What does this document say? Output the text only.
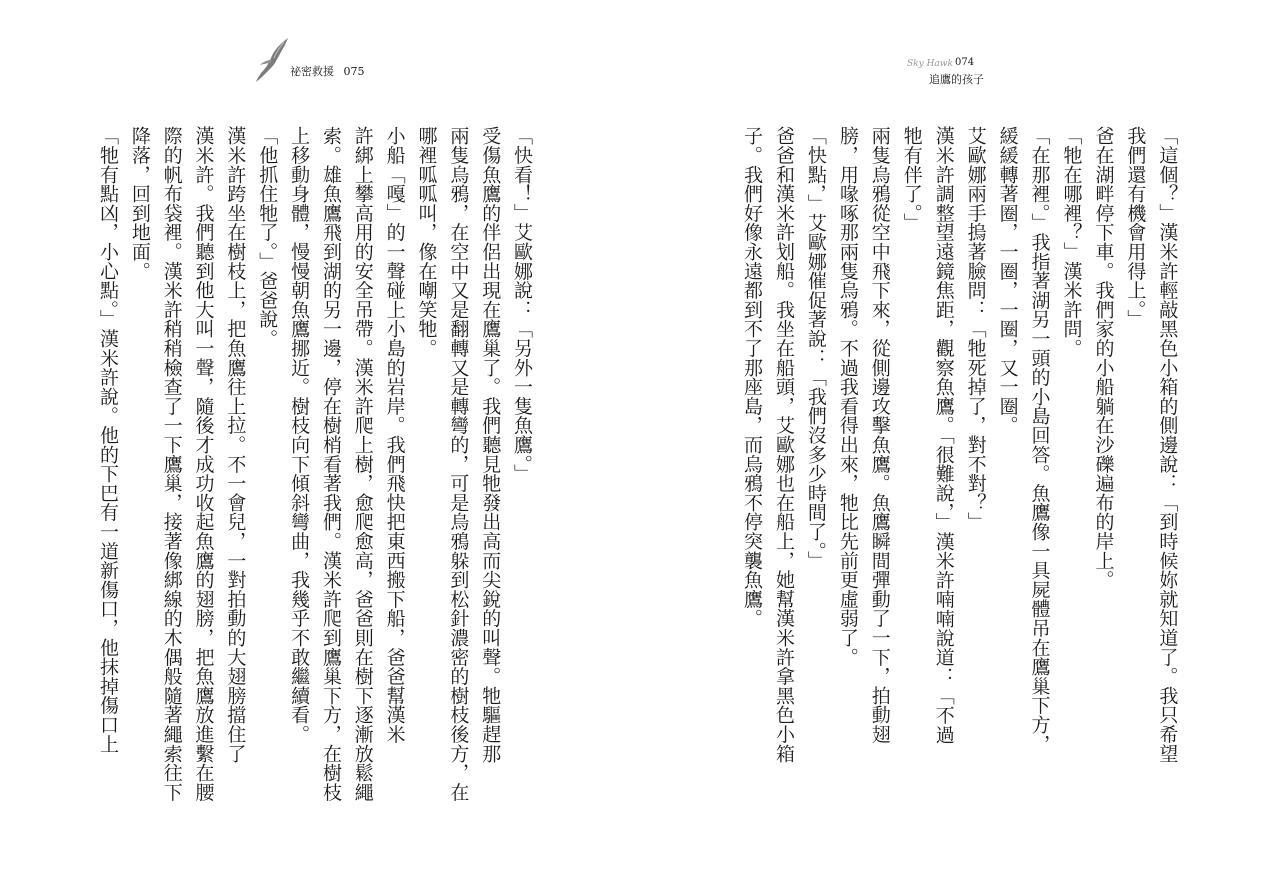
祕密救援 075
「牠有點凶，小心點。」漢米許說。他的下巴有一道新傷口，他抹掉傷口上 降落，回到地面。 際的帆布袋裡。漢米許稍稍檢查了一下鷹巢，接著像綁線的木偶般隨著繩索往下 漢米許。我們聽到他大叫一聲，隨後才成功收起魚鷹的翅膀，把魚鷹放進繫在腰 漢米許跨坐在樹枝上，把魚鷹往上拉。不一會兒，一對拍動的大翅膀擋住了 「他抓住牠了。」爸爸說。 上移動身體，慢慢朝魚鷹挪近。樹枝向下傾斜彎曲，我幾乎不敢繼續看。 索。雄魚鷹飛到湖的另一邊，停在樹梢看著我們。漢米許爬到鷹巢下方，在樹枝 許綁上攀高用的安全吊帶。漢米許爬上樹，愈爬愈高，爸爸則在樹下逐漸放鬆繩 小船「嘎」的一聲碰上小島的岩岸。我們飛快把東西搬下船，爸爸幫漢米 哪裡呱呱叫，像在嘲笑牠。 兩隻烏鴉，在空中又是翻轉又是轉彎的，可是烏鴉躲到松針濃密的樹枝後方，在 受傷魚鷹的伴侶出現在鷹巢了。我們聽見牠發出高而尖銳的叫聲。牠驅趕那 「快看！」艾歐娜說：「另外一隻魚鷹。」
Sky Hawk 074
追鷹的孩子
子。我們好像永遠都到不了那座島，而烏鴉不停突襲魚鷹。 爸爸和漢米許划船。我坐在船頭，艾歐娜也在船上，她幫漢米許拿黑色小箱 「快點，」艾歐娜催促著說：「我們沒多少時間了。」 膀，用喙啄那兩隻烏鴉。不過我看得出來，牠比先前更虛弱了。 兩隻烏鴉從空中飛下來，從側邊攻擊魚鷹。魚鷹瞬間彈動了一下，拍動翅 牠有伴了。」 漢米許調整望遠鏡焦距，觀察魚鷹。「很難說，」漢米許喃喃說道：「不過 艾歐娜兩手摀著臉問：「牠死掉了，對不對？」 緩緩轉著圈，一圈，一圈，又一圈。 「在那裡。」我指著湖另一頭的小島回答。魚鷹像一具屍體吊在鷹巢下方， 「牠在哪裡？」漢米許問。 爸在湖畔停下車。我們家的小船躺在沙礫遍布的岸上。 我們還有機會用得上。」 「這個？」漢米許輕敲黑色小箱的側邊說：「到時候妳就知道了。我只希望
